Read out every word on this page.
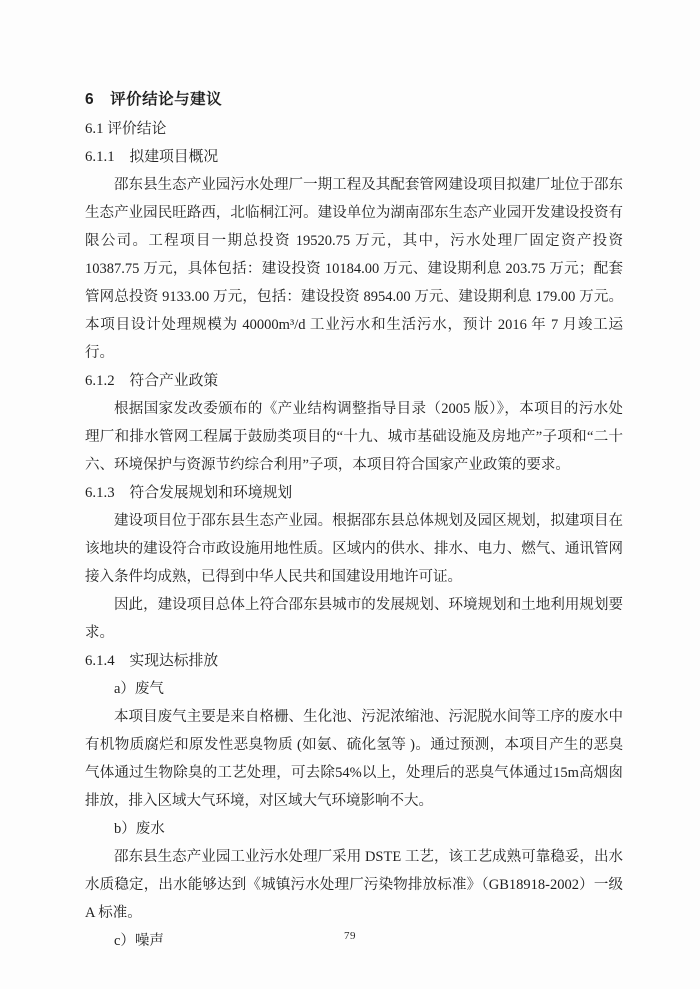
6　评价结论与建议
6.1 评价结论
6.1.1　拟建项目概况

邵东县生态产业园污水处理厂一期工程及其配套管网建设项目拟建厂址位于邵东生态产业园民旺路西，北临桐江河。建设单位为湖南邵东生态产业园开发建设投资有限公司。工程项目一期总投资 19520.75 万元，其中，污水处理厂固定资产投资 10387.75 万元，具体包括：建设投资 10184.00 万元、建设期利息 203.75 万元；配套管网总投资 9133.00 万元，包括：建设投资 8954.00 万元、建设期利息 179.00 万元。本项目设计处理规模为 40000m³/d 工业污水和生活污水，预计 2016 年 7 月竣工运行。

6.1.2　符合产业政策

根据国家发改委颁布的《产业结构调整指导目录（2005 版）》，本项目的污水处理厂和排水管网工程属于鼓励类项目的“十九、城市基础设施及房地产”子项和“二十六、环境保护与资源节约综合利用”子项，本项目符合国家产业政策的要求。

6.1.3　符合发展规划和环境规划

建设项目位于邵东县生态产业园。根据邵东县总体规划及园区规划，拟建项目在该地块的建设符合市政设施用地性质。区域内的供水、排水、电力、燃气、通讯管网接入条件均成熟，已得到中华人民共和国建设用地许可证。

因此，建设项目总体上符合邵东县城市的发展规划、环境规划和土地利用规划要求。

6.1.4　实现达标排放

a）废气

本项目废气主要是来自格栅、生化池、污泥浓缩池、污泥脱水间等工序的废水中有机物质腐烂和原发性恶臭物质 (如氨、硫化氢等 )。通过预测，本项目产生的恶臭气体通过生物除臭的工艺处理，可去除54%以上，处理后的恶臭气体通过15m高烟囱排放，排入区域大气环境，对区域大气环境影响不大。

b）废水

邵东县生态产业园工业污水处理厂采用 DSTE 工艺，该工艺成熟可靠稳妥，出水水质稳定，出水能够达到《城镇污水处理厂污染物排放标准》（GB18918-2002）一级 A 标准。

c）噪声	79
